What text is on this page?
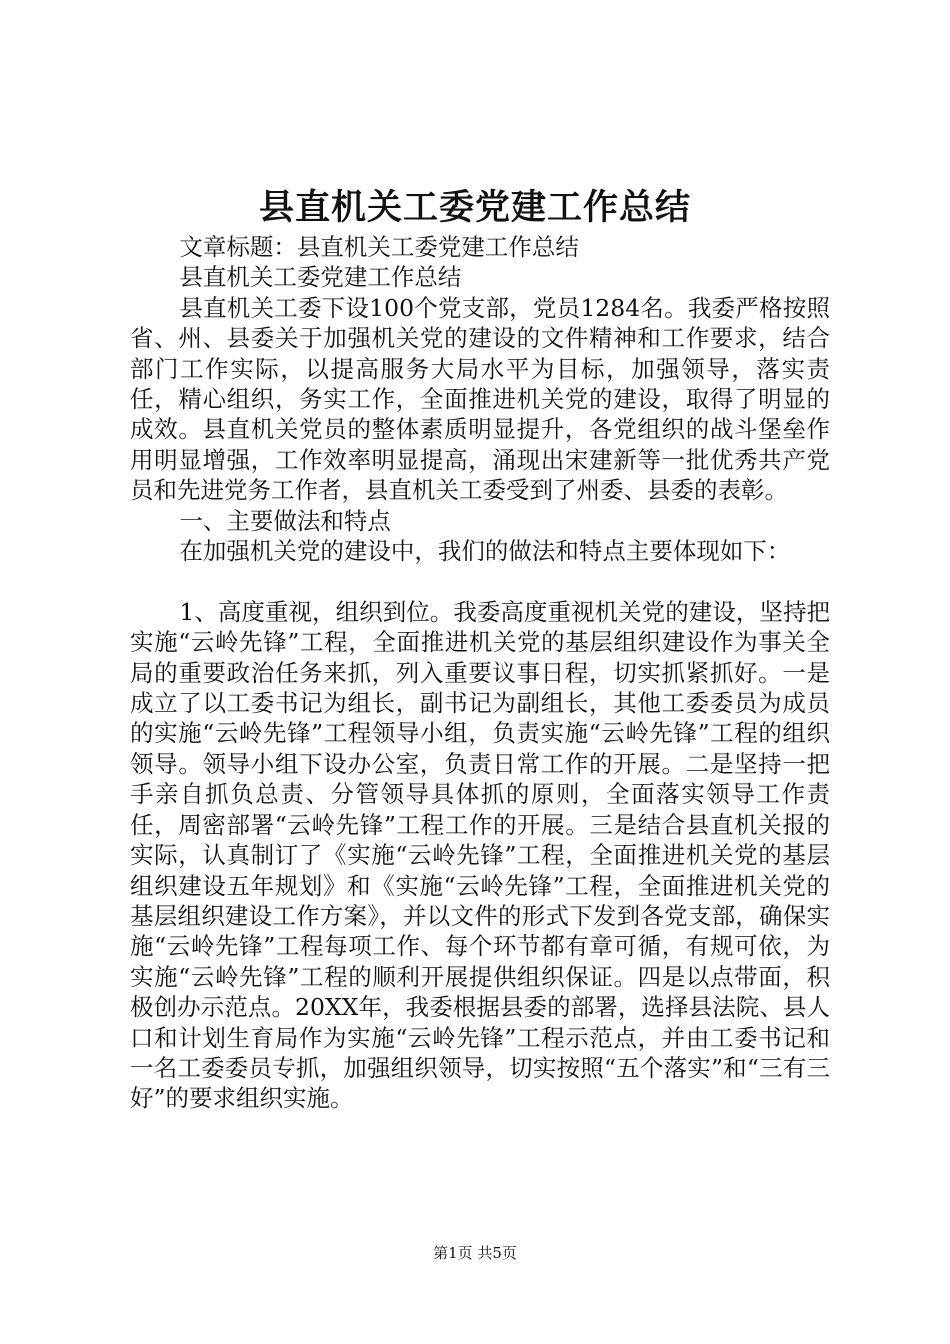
县直机关工委党建工作总结

文章标题：县直机关工委党建工作总结

县直机关工委党建工作总结

县直机关工委下设100个党支部，党员1284名。我委严格按照省、州、县委关于加强机关党的建设的文件精神和工作要求，结合部门工作实际，以提高服务大局水平为目标，加强领导，落实责任，精心组织，务实工作，全面推进机关党的建设，取得了明显的成效。县直机关党员的整体素质明显提升，各党组织的战斗堡垒作用明显增强，工作效率明显提高，涌现出宋建新等一批优秀共产党员和先进党务工作者，县直机关工委受到了州委、县委的表彰。

一、主要做法和特点

在加强机关党的建设中，我们的做法和特点主要体现如下：

1、高度重视，组织到位。我委高度重视机关党的建设，坚持把实施“云岭先锋”工程，全面推进机关党的基层组织建设作为事关全局的重要政治任务来抓，列入重要议事日程，切实抓紧抓好。一是成立了以工委书记为组长，副书记为副组长，其他工委委员为成员的实施“云岭先锋”工程领导小组，负责实施“云岭先锋”工程的组织领导。领导小组下设办公室，负责日常工作的开展。二是坚持一把手亲自抓负总责、分管领导具体抓的原则，全面落实领导工作责任，周密部署“云岭先锋”工程工作的开展。三是结合县直机关报的实际，认真制订了《实施“云岭先锋”工程，全面推进机关党的基层组织建设五年规划》和《实施“云岭先锋”工程，全面推进机关党的基层组织建设工作方案》，并以文件的形式下发到各党支部，确保实施“云岭先锋”工程每项工作、每个环节都有章可循，有规可依，为实施“云岭先锋”工程的顺利开展提供组织保证。四是以点带面，积极创办示范点。20XX年，我委根据县委的部署，选择县法院、县人口和计划生育局作为实施“云岭先锋”工程示范点，并由工委书记和一名工委委员专抓，加强组织领导，切实按照“五个落实”和“三有三好”的要求组织实施。

第1页 共5页
